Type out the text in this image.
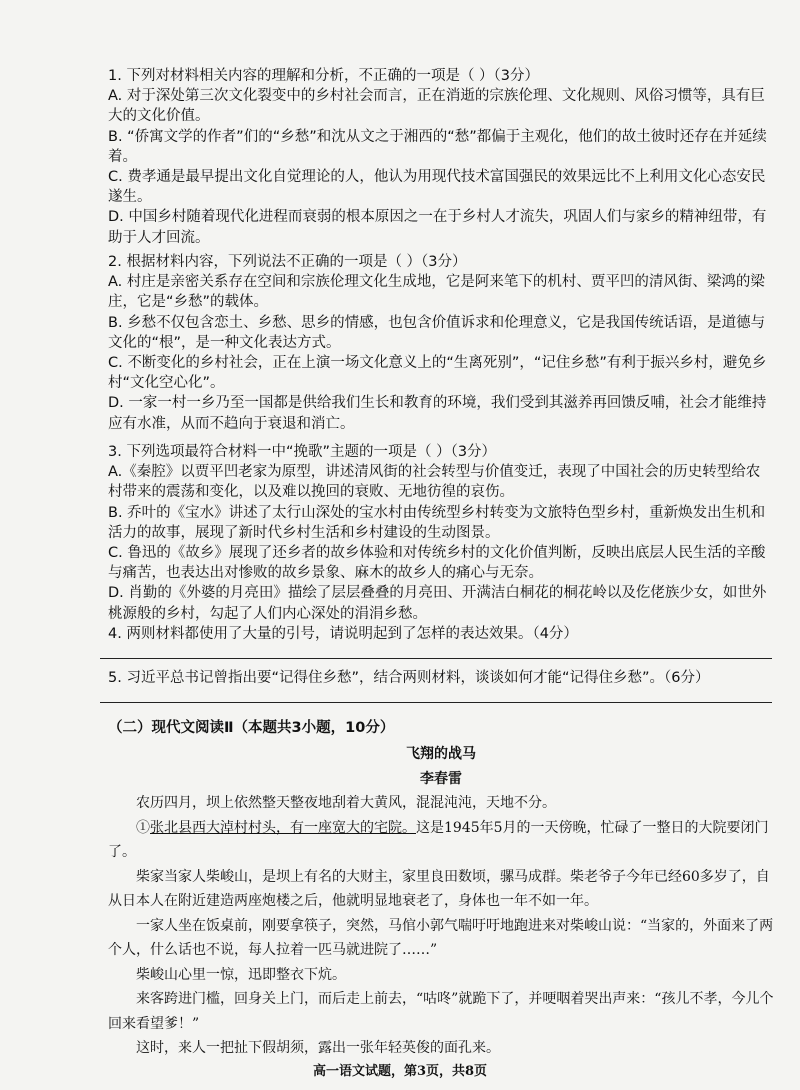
1. 下列对材料相关内容的理解和分析，不正确的一项是（ ）（3分）

A. 对于深处第三次文化裂变中的乡村社会而言，正在消逝的宗族伦理、文化规则、风俗习惯等，具有巨大的文化价值。

B. “侨寓文学的作者”们的“乡愁”和沈从文之于湘西的“愁”都偏于主观化，他们的故土彼时还存在并延续着。

C. 费孝通是最早提出文化自觉理论的人，他认为用现代技术富国强民的效果远比不上利用文化心态安民遂生。

D. 中国乡村随着现代化进程而衰弱的根本原因之一在于乡村人才流失，巩固人们与家乡的精神纽带，有助于人才回流。

2. 根据材料内容，下列说法不正确的一项是（ ）（3分）

A. 村庄是亲密关系存在空间和宗族伦理文化生成地，它是阿来笔下的机村、贾平凹的清风街、梁鸿的梁庄，它是“乡愁”的载体。

B. 乡愁不仅包含恋土、乡愁、思乡的情感，也包含价值诉求和伦理意义，它是我国传统话语，是道德与文化的“根”，是一种文化表达方式。

C. 不断变化的乡村社会，正在上演一场文化意义上的“生离死别”，“记住乡愁”有利于振兴乡村，避免乡村“文化空心化”。

D. 一家一村一乡乃至一国都是供给我们生长和教育的环境，我们受到其滋养再回馈反哺，社会才能维持应有水准，从而不趋向于衰退和消亡。

3. 下列选项最符合材料一中“挽歌”主题的一项是（ ）（3分）

A.《秦腔》以贾平凹老家为原型，讲述清风街的社会转型与价值变迁，表现了中国社会的历史转型给农村带来的震荡和变化，以及难以挽回的衰败、无地彷徨的哀伤。

B. 乔叶的《宝水》讲述了太行山深处的宝水村由传统型乡村转变为文旅特色型乡村，重新焕发出生机和活力的故事，展现了新时代乡村生活和乡村建设的生动图景。

C. 鲁迅的《故乡》展现了还乡者的故乡体验和对传统乡村的文化价值判断，反映出底层人民生活的辛酸与痛苦，也表达出对惨败的故乡景象、麻木的故乡人的痛心与无奈。

D. 肖勤的《外婆的月亮田》描绘了层层叠叠的月亮田、开满洁白桐花的桐花岭以及仡佬族少女，如世外桃源般的乡村，勾起了人们内心深处的涓涓乡愁。

4. 两则材料都使用了大量的引号，请说明起到了怎样的表达效果。（4分）

5. 习近平总书记曾指出要“记得住乡愁”，结合两则材料，谈谈如何才能“记得住乡愁”。（6分）

（二）现代文阅读Ⅱ（本题共3小题，10分）

飞翔的战马

李春雷

农历四月，坝上依然整天整夜地刮着大黄风，混混沌沌，天地不分。

①张北县西大淖村村头，有一座宽大的宅院。这是1945年5月的一天傍晚，忙碌了一整日的大院要闭门了。

柴家当家人柴峻山，是坝上有名的大财主，家里良田数顷，骡马成群。柴老爷子今年已经60多岁了，自从日本人在附近建造两座炮楼之后，他就明显地衰老了，身体也一年不如一年。

一家人坐在饭桌前，刚要拿筷子，突然，马倌小郭气喘吁吁地跑进来对柴峻山说：“当家的，外面来了两个人，什么话也不说，每人拉着一匹马就进院了……”

柴峻山心里一惊，迅即整衣下炕。

来客跨进门槛，回身关上门，而后走上前去，“咕咚”就跪下了，并哽咽着哭出声来：“孩儿不孝，今儿个回来看望爹！”

这时，来人一把扯下假胡须，露出一张年轻英俊的面孔来。

高一语文试题，第3页，共8页
